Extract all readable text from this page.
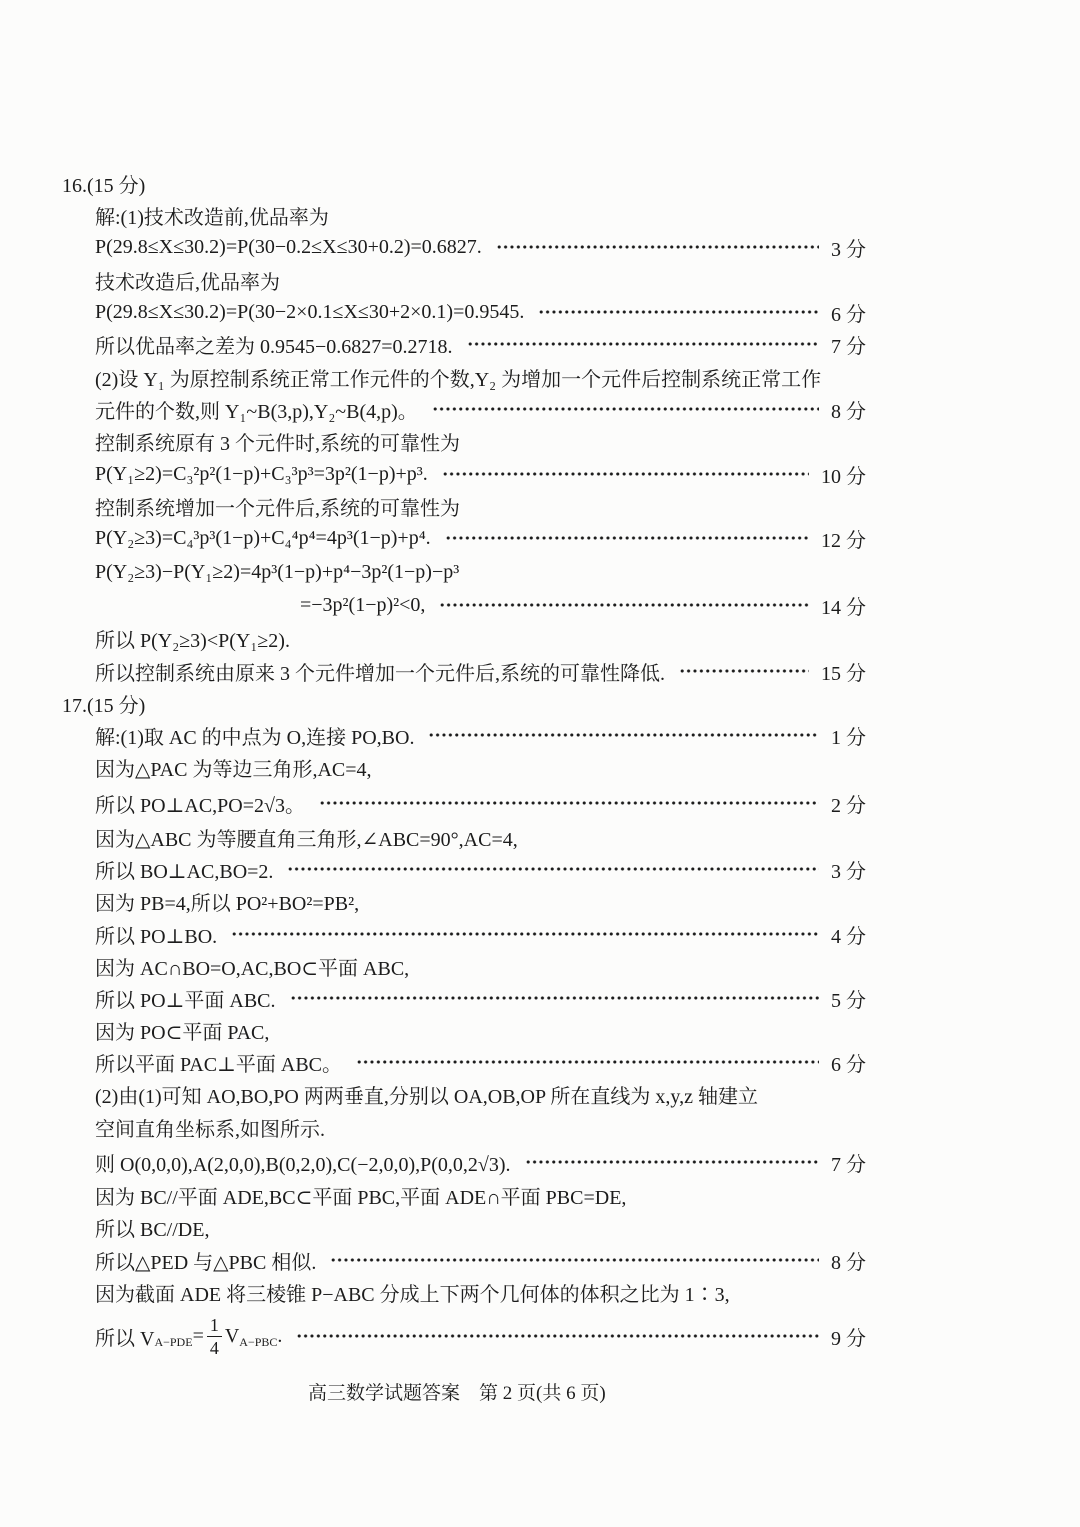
16.(15 分)
解:(1)技术改造前,优品率为
P(29.8≤X≤30.2)=P(30−0.2≤X≤30+0.2)=0.6827.	3 分
技术改造后,优品率为
P(29.8≤X≤30.2)=P(30−2×0.1≤X≤30+2×0.1)=0.9545.	6 分
所以优品率之差为 0.9545−0.6827=0.2718.	7 分
(2)设 Y₁ 为原控制系统正常工作元件的个数,Y₂ 为增加一个元件后控制系统正常工作
元件的个数,则 Y₁~B(3,p),Y₂~B(4,p)。	8 分
控制系统原有 3 个元件时,系统的可靠性为
P(Y₁≥2)=C₃²p²(1−p)+C₃³p³=3p²(1−p)+p³.	10 分
控制系统增加一个元件后,系统的可靠性为
P(Y₂≥3)=C₄³p³(1−p)+C₄⁴p⁴=4p³(1−p)+p⁴.	12 分
P(Y₂≥3)−P(Y₁≥2)=4p³(1−p)+p⁴−3p²(1−p)−p³
=−3p²(1−p)²<0,	14 分
所以 P(Y₂≥3)<P(Y₁≥2).
所以控制系统由原来 3 个元件增加一个元件后,系统的可靠性降低.	15 分
17.(15 分)
解:(1)取 AC 的中点为 O,连接 PO,BO.	1 分
因为△PAC 为等边三角形,AC=4,
所以 PO⊥AC,PO=2√3。	2 分
因为△ABC 为等腰直角三角形,∠ABC=90°,AC=4,
所以 BO⊥AC,BO=2.	3 分
因为 PB=4,所以 PO²+BO²=PB²,
所以 PO⊥BO.	4 分
因为 AC∩BO=O,AC,BO⊂平面 ABC,
所以 PO⊥平面 ABC.	5 分
因为 PO⊂平面 PAC,
所以平面 PAC⊥平面 ABC。	6 分
(2)由(1)可知 AO,BO,PO 两两垂直,分别以 OA,OB,OP 所在直线为 x,y,z 轴建立
空间直角坐标系,如图所示.
则 O(0,0,0),A(2,0,0),B(0,2,0),C(−2,0,0),P(0,0,2√3).	7 分
因为 BC//平面 ADE,BC⊂平面 PBC,平面 ADE∩平面 PBC=DE,
所以 BC//DE,
所以△PED 与△PBC 相似.	8 分
因为截面 ADE 将三棱锥 P−ABC 分成上下两个几何体的体积之比为 1∶3,
所以 V $A-PDE = \frac{1}{4}$ V A−PBC .	9 分
高三数学试题答案　第 2 页(共 6 页)
